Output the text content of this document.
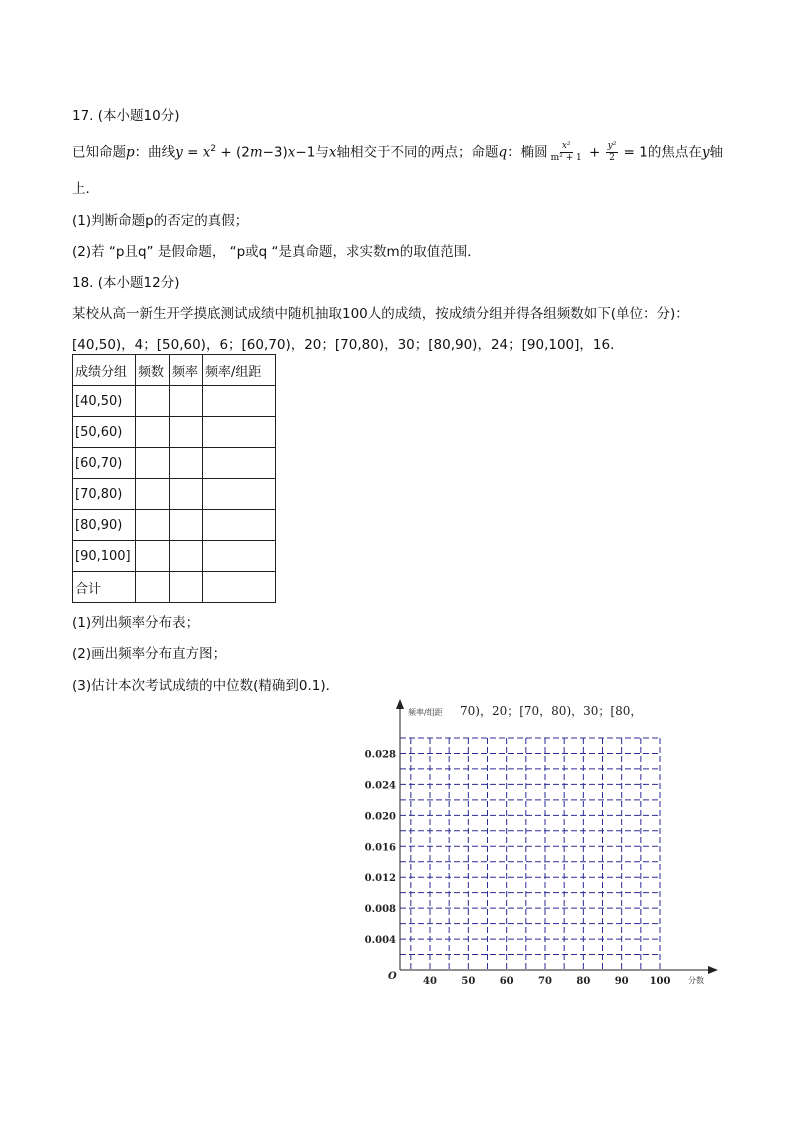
17. (本小题10分)
已知命题p：曲线$y = x^2 + (2m-3)x-1$与x轴相交于不同的两点；命题q：椭圆 $\frac{\text{x²}}{\text{m² + 1}} + \frac{\text{y²}}{2} = 1$的焦点在y轴
上．
(1)判断命题p的否定的真假；
(2)若 “p且q” 是假命题， “p或q “是真命题，求实数m的取值范围．
18. (本小题12分)
某校从高一新生开学摸底测试成绩中随机抽取100人的成绩，按成绩分组并得各组频数如下(单位：分)：
[40,50)，4；[50,60)，6；[60,70)，20；[70,80)，30；[80,90)，24；[90,100]，16．
成绩分组	频数	频率	频率/组距
[40,50)			
[50,60)			
[60,70)			
[70,80)			
[80,90)			
[90,100]			
合计			
(1)列出频率分布表；
(2)画出频率分布直方图；
(3)估计本次考试成绩的中位数(精确到0.1)．
频率/组距 70)，20；[70，80)，30；[80，
分数
O
0.028
0.024
0.020
0.016
0.012
0.008
0.004
40 50 60 70 80 90 100
